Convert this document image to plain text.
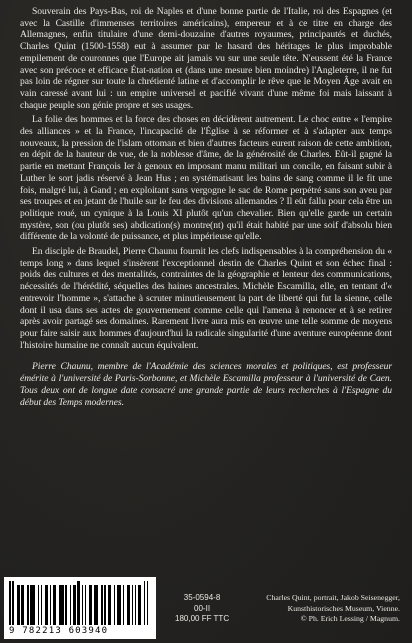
Souverain des Pays-Bas, roi de Naples et d'une bonne partie de l'Italie, roi des Espagnes (et avec la Castille d'immenses territoires américains), empereur et à ce titre en charge des Allemagnes, enfin titulaire d'une demi-douzaine d'autres royaumes, principautés et duchés, Charles Quint (1500-1558) eut à assumer par le hasard des héritages le plus improbable empilement de couronnes que l'Europe ait jamais vu sur une seule tête. N'eussent été la France avec son précoce et efficace État-nation et (dans une mesure bien moindre) l'Angleterre, il ne fut pas loin de régner sur toute la chrétienté latine et d'accomplir le rêve que le Moyen Âge avait en vain caressé avant lui : un empire universel et pacifié vivant d'une même foi mais laissant à chaque peuple son génie propre et ses usages.

La folie des hommes et la force des choses en décidèrent autrement. Le choc entre « l'empire des alliances » et la France, l'incapacité de l'Église à se réformer et à s'adapter aux temps nouveaux, la pression de l'islam ottoman et bien d'autres facteurs eurent raison de cette ambition, en dépit de la hauteur de vue, de la noblesse d'âme, de la générosité de Charles. Eût-il gagné la partie en mettant François Ier à genoux en imposant manu militari un concile, en faisant subir à Luther le sort jadis réservé à Jean Hus ; en systématisant les bains de sang comme il le fit une fois, malgré lui, à Gand ; en exploitant sans vergogne le sac de Rome perpétré sans son aveu par ses troupes et en jetant de l'huile sur le feu des divisions allemandes ? Il eût fallu pour cela être un politique roué, un cynique à la Louis XI plutôt qu'un chevalier. Bien qu'elle garde un certain mystère, son (ou plutôt ses) abdication(s) montre(nt) qu'il était habité par une soif d'absolu bien différente de la volonté de puissance, et plus impérieuse qu'elle.

En disciple de Braudel, Pierre Chaunu fournit les clefs indispensables à la compréhension du « temps long » dans lequel s'insèrent l'exceptionnel destin de Charles Quint et son échec final : poids des cultures et des mentalités, contraintes de la géographie et lenteur des communications, nécessités de l'hérédité, séquelles des haines ancestrales. Michèle Escamilla, elle, en tentant d'« entrevoir l'homme », s'attache à scruter minutieusement la part de liberté qui fut la sienne, celle dont il usa dans ses actes de gouvernement comme celle qui l'amena à renoncer et à se retirer après avoir partagé ses domaines. Rarement livre aura mis en œuvre une telle somme de moyens pour faire saisir aux hommes d'aujourd'hui la radicale singularité d'une aventure européenne dont l'histoire humaine ne connaît aucun équivalent.

Pierre Chaunu, membre de l'Académie des sciences morales et politiques, est professeur émérite à l'université de Paris-Sorbonne, et Michèle Escamilla professeur à l'université de Caen. Tous deux ont de longue date consacré une grande partie de leurs recherches à l'Espagne du début des Temps modernes.

9 782213 603940
35-0594-8
00-II
180,00 FF TTC
Charles Quint, portrait, Jakob Seisenegger,
Kunsthistorisches Museum, Vienne.
© Ph. Erich Lessing / Magnum.
